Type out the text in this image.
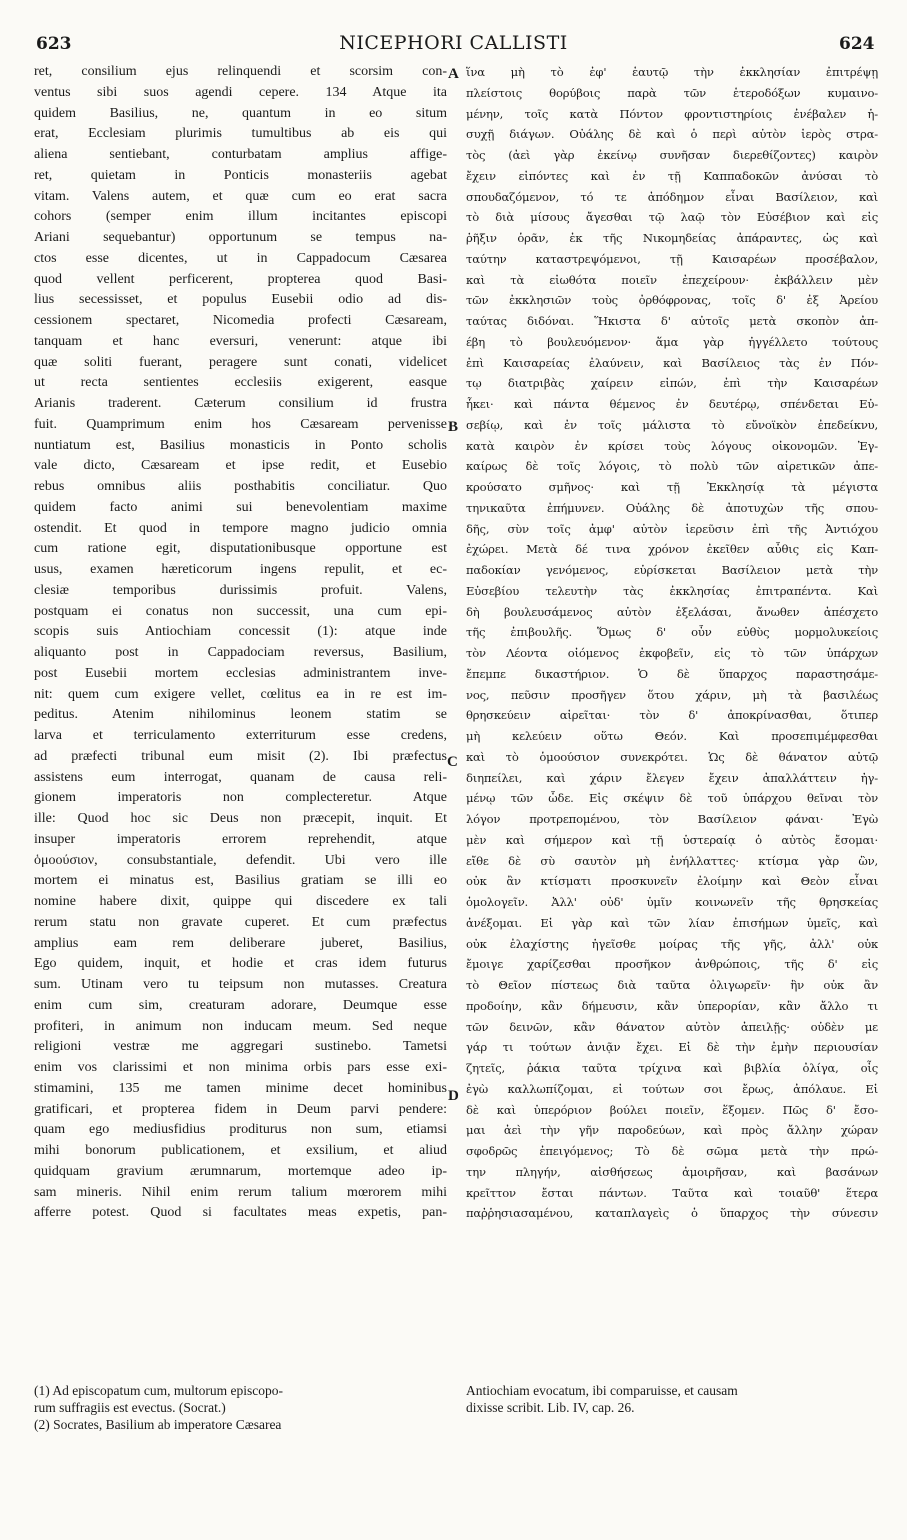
623	NICEPHORI CALLISTI	624
ret, consilium ejus relinquendi et scorsim con-
ventus sibi suos agendi cepere. 134 Atque ita
quidem Basilius, ne, quantum in eo situm
erat, Ecclesiam plurimis tumultibus ab eis qui
aliena sentiebant, conturbatam amplius affige-
ret, quietam in Ponticis monasteriis agebat
vitam. Valens autem, et quæ cum eo erat sacra
cohors (semper enim illum incitantes episcopi
Ariani sequebantur) opportunum se tempus na-
ctos esse dicentes, ut in Cappadocum Cæsarea
quod vellent perficerent, propterea quod Basi-
lius secessisset, et populus Eusebii odio ad dis-
cessionem spectaret, Nicomedia profecti Cæsaream,
tanquam et hanc eversuri, venerunt: atque ibi
quæ soliti fuerant, peragere sunt conati, videlicet
ut recta sentientes ecclesiis exigerent, easque
Arianis traderent. Cæterum consilium id frustra
fuit. Quamprimum enim hos Cæsaream pervenisse
nuntiatum est, Basilius monasticis in Ponto scholis
vale dicto, Cæsaream et ipse redit, et Eusebio
rebus omnibus aliis posthabitis conciliatur. Quo
quidem facto animi sui benevolentiam maxime
ostendit. Et quod in tempore magno judicio omnia
cum ratione egit, disputationibusque opportune est
usus, examen hæreticorum ingens repulit, et ec-
clesiæ temporibus durissimis profuit. Valens,
postquam ei conatus non successit, una cum epi-
scopis suis Antiochiam concessit (1): atque inde
aliquanto post in Cappadociam reversus, Basilium,
post Eusebii mortem ecclesias administrantem inve-
nit: quem cum exigere vellet, cœlitus ea in re est im-
peditus. Atenim nihilominus leonem statim se
larva et terriculamento exterriturum esse credens,
ad præfecti tribunal eum misit (2). Ibi præfectus
assistens eum interrogat, quanam de causa reli-
gionem imperatoris non complecteretur. Atque
ille: Quod hoc sic Deus non præcepit, inquit. Et
insuper imperatoris errorem reprehendit, atque
ὁμοούσιον, consubstantiale, defendit. Ubi vero ille
mortem ei minatus est, Basilius gratiam se illi eo
nomine habere dixit, quippe qui discedere ex tali
rerum statu non gravate cuperet. Et cum præfectus
amplius eam rem deliberare juberet, Basilius,
Ego quidem, inquit, et hodie et cras idem futurus
sum. Utinam vero tu teipsum non mutasses. Creatura
enim cum sim, creaturam adorare, Deumque esse
profiteri, in animum non inducam meum. Sed neque
religioni vestræ me aggregari sustinebo. Tametsi
enim vos clarissimi et non minima orbis pars esse exi-
stimamini, 135 me tamen minime decet hominibus
gratificari, et propterea fidem in Deum parvi pendere:
quam ego mediusfidius proditurus non sum, etiamsi
mihi bonorum publicationem, et exsilium, et aliud
quidquam gravium ærumnarum, mortemque adeo ip-
sam mineris. Nihil enim rerum talium mœrorem mihi
afferre potest. Quod si facultates meas expetis, pan-
ἵνα μὴ τὸ ἐφ' ἑαυτῷ τὴν ἐκκλησίαν ἐπιτρέψῃ
πλείστοις θορύβοις παρὰ τῶν ἑτεροδόξων κυμαινο-
μένην, τοῖς κατὰ Πόντον φροντιστηρίοις ἐνέβαλεν ἡ-
συχῇ διάγων. Οὐάλης δὲ καὶ ὁ περὶ αὐτὸν ἱερὸς στρα-
τὸς (ἀεὶ γὰρ ἐκείνῳ συνῆσαν διερεθίζοντες) καιρὸν
ἔχειν εἰπόντες καὶ ἐν τῇ Καππαδοκῶν ἀνύσαι τὸ
σπουδαζόμενον, τό τε ἀπόδημον εἶναι Βασίλειον, καὶ
τὸ διὰ μίσους ἄγεσθαι τῷ λαῷ τὸν Εὐσέβιον καὶ εἰς
ῥῆξιν ὁρᾶν, ἐκ τῆς Νικομηδείας ἀπάραντες, ὡς καὶ
ταύτην καταστρεψόμενοι, τῇ Καισαρέων προσέβαλον,
καὶ τὰ εἰωθότα ποιεῖν ἐπεχείρουν· ἐκβάλλειν μὲν
τῶν ἐκκλησιῶν τοὺς ὀρθόφρονας, τοῖς δ' ἐξ Ἀρείου
ταύτας διδόναι. Ἥκιστα δ' αὐτοῖς μετὰ σκοπὸν ἀπ-
έβη τὸ βουλευόμενον· ἅμα γὰρ ἠγγέλλετο τούτους
ἐπὶ Καισαρείας ἐλαύνειν, καὶ Βασίλειος τὰς ἐν Πόν-
τῳ διατριβὰς χαίρειν εἰπών, ἐπὶ τὴν Καισαρέων
ἧκει· καὶ πάντα θέμενος ἐν δευτέρῳ, σπένδεται Εὐ-
σεβίῳ, καὶ ἐν τοῖς μάλιστα τὸ εὔνοϊκὸν ἐπεδείκνυ,
κατὰ καιρὸν ἐν κρίσει τοὺς λόγους οἰκονομῶν. Ἐγ-
καίρως δὲ τοῖς λόγοις, τὸ πολὺ τῶν αἱρετικῶν ἀπε-
κρούσατο σμῆνος· καὶ τῇ Ἐκκλησίᾳ τὰ μέγιστα
τηνικαῦτα ἐπήμυνεν. Οὐάλης δὲ ἀποτυχὼν τῆς σπου-
δῆς, σὺν τοῖς ἀμφ' αὐτὸν ἱερεῦσιν ἐπὶ τῆς Ἀντιόχου
ἐχώρει. Μετὰ δέ τινα χρόνον ἐκεῖθεν αὖθις εἰς Καπ-
παδοκίαν γενόμενος, εὑρίσκεται Βασίλειον μετὰ τὴν
Εὐσεβίου τελευτὴν τὰς ἐκκλησίας ἐπιτραπέντα. Καὶ
δὴ βουλευσάμενος αὐτὸν ἐξελάσαι, ἄνωθεν ἀπέσχετο
τῆς ἐπιβουλῆς. Ὅμως δ' οὖν εὐθὺς μορμολυκείοις
τὸν Λέοντα οἰόμενος ἐκφοβεῖν, εἰς τὸ τῶν ὑπάρχων
ἔπεμπε δικαστήριον. Ὁ δὲ ὕπαρχος παραστησάμε-
νος, πεῦσιν προσῆγεν ὅτου χάριν, μὴ τὰ βασιλέως
θρησκεύειν αἱρεῖται· τὸν δ' ἀποκρίνασθαι, ὅτιπερ
μὴ κελεύειν οὕτω Θεόν. Καὶ προσεπιμέμφεσθαι
καὶ τὸ ὁμοούσιον συνεκρότει. Ὡς δὲ θάνατον αὐτῷ
διηπείλει, καὶ χάριν ἔλεγεν ἔχειν ἀπαλλάττειν ἠγ-
μένῳ τῶν ὧδε. Εἰς σκέψιν δὲ τοῦ ὑπάρχου θεῖναι τὸν
λόγον προτρεπομένου, τὸν Βασίλειον φάναι· Ἐγὼ
μὲν καὶ σήμερον καὶ τῇ ὑστεραίᾳ ὁ αὐτὸς ἔσομαι·
εἴθε δὲ σὺ σαυτὸν μὴ ἐνήλλαττες· κτίσμα γὰρ ὢν,
οὐκ ἂν κτίσματι προσκυνεῖν ἐλοίμην καὶ Θεὸν εἶναι
ὁμολογεῖν. Ἀλλ' οὐδ' ὑμῖν κοινωνεῖν τῆς θρησκείας
ἀνέξομαι. Εἰ γὰρ καὶ τῶν λίαν ἐπισήμων ὑμεῖς, καὶ
οὐκ ἐλαχίστης ἡγεῖσθε μοίρας τῆς γῆς, ἀλλ' οὐκ
ἔμοιγε χαρίζεσθαι προσῆκον ἀνθρώποις, τῆς δ' εἰς
τὸ Θεῖον πίστεως διὰ ταῦτα ὀλιγωρεῖν· ἣν οὐκ ἂν
προδοίην, κἂν δήμευσιν, κἂν ὑπερορίαν, κἂν ἄλλο τι
τῶν δεινῶν, κἂν θάνατον αὐτὸν ἀπειλῇς· οὐδὲν με
γάρ τι τούτων ἀνιᾷν ἔχει. Εἰ δὲ τὴν ἐμὴν περιουσίαν
ζητεῖς, ῥάκια ταῦτα τρίχινα καὶ βιβλία ὀλίγα, οἷς
ἐγὼ καλλωπίζομαι, εἰ τούτων σοι ἔρως, ἀπόλαυε. Εἰ
δὲ καὶ ὑπερόριον βούλει ποιεῖν, ἕξομεν. Πῶς δ' ἔσο-
μαι ἀεὶ τὴν γῆν παροδεύων, καὶ πρὸς ἄλλην χώραν
σφοδρῶς ἐπειγόμενος; Τὸ δὲ σῶμα μετὰ τὴν πρώ-
την πληγήν, αἰσθήσεως ἀμοιρῆσαν, καὶ βασάνων
κρεῖττον ἔσται πάντων. Ταῦτα καὶ τοιαῦθ' ἕτερα
παῤῥησιασαμένου, καταπλαγεὶς ὁ ὕπαρχος τὴν σύνεσιν
A
B
C
D
(1) Ad episcopatum cum, multorum episcopo-
rum suffragiis est evectus. (Socrat.)
(2) Socrates, Basilium ab imperatore Cæsarea
Antiochiam evocatum, ibi comparuisse, et causam
dixisse scribit. Lib. IV, cap. 26.
